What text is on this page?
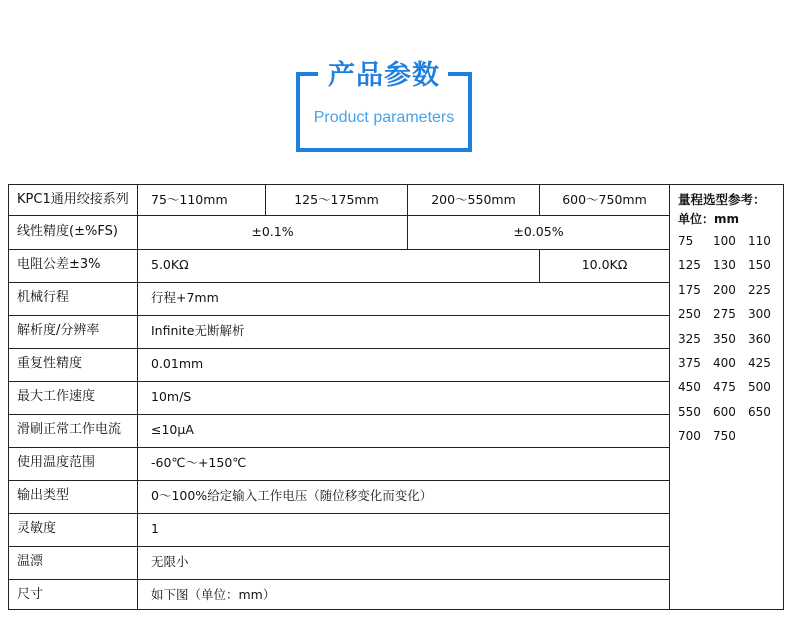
产品参数
Product parameters
KPC1通用绞接系列 75～110mm	125～175mm	200～550mm	600～750mm
线性精度(±%FS)	±0.1%	±0.05%
电阻公差±3%	5.0KΩ	10.0KΩ
机械行程	行程+7mm
解析度/分辨率	Infinite无断解析
重复性精度	0.01mm
最大工作速度	10m/S
滑刷正常工作电流 ≤10μA
使用温度范围	-60℃～+150℃
输出类型	0～100%给定输入工作电压（随位移变化而变化）
灵敏度	1
温漂	无限小
尺寸	如下图（单位：mm）
量程选型参考：
单位：mm
75	100	110
125	130	150
175	200	225
250	275	300
325	350	360
375	400	425
450	475	500
550	600	650
700	750
